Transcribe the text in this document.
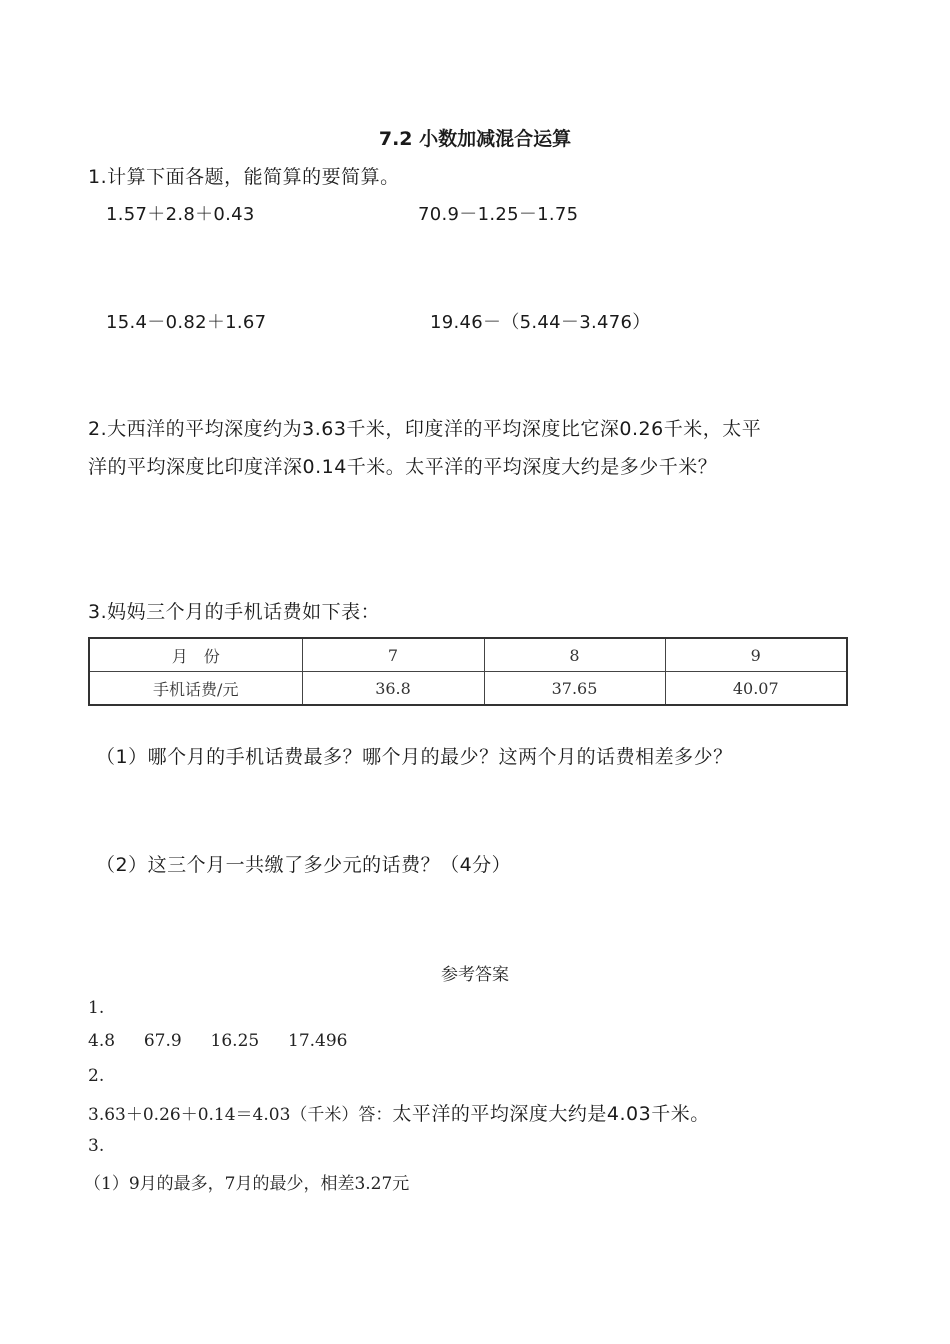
7.2 小数加减混合运算
1.计算下面各题，能简算的要简算。
1.57＋2.8＋0.43	70.9－1.25－1.75
15.4－0.82＋1.67	19.46－（5.44－3.476）
2.大西洋的平均深度约为3.63千米，印度洋的平均深度比它深0.26千米，太平
洋的平均深度比印度洋深0.14千米。太平洋的平均深度大约是多少千米？
3.妈妈三个月的手机话费如下表：
月　份	7	8	9
手机话费/元	36.8	37.65	40.07
（1）哪个月的手机话费最多？哪个月的最少？这两个月的话费相差多少？
（2）这三个月一共缴了多少元的话费？（4分）
参考答案
1.
4.8 67.9 16.25 17.496
2.
3.63＋0.26＋0.14＝4.03（千米）答：太平洋的平均深度大约是4.03千米。
3.
（1）9月的最多，7月的最少，相差3.27元
